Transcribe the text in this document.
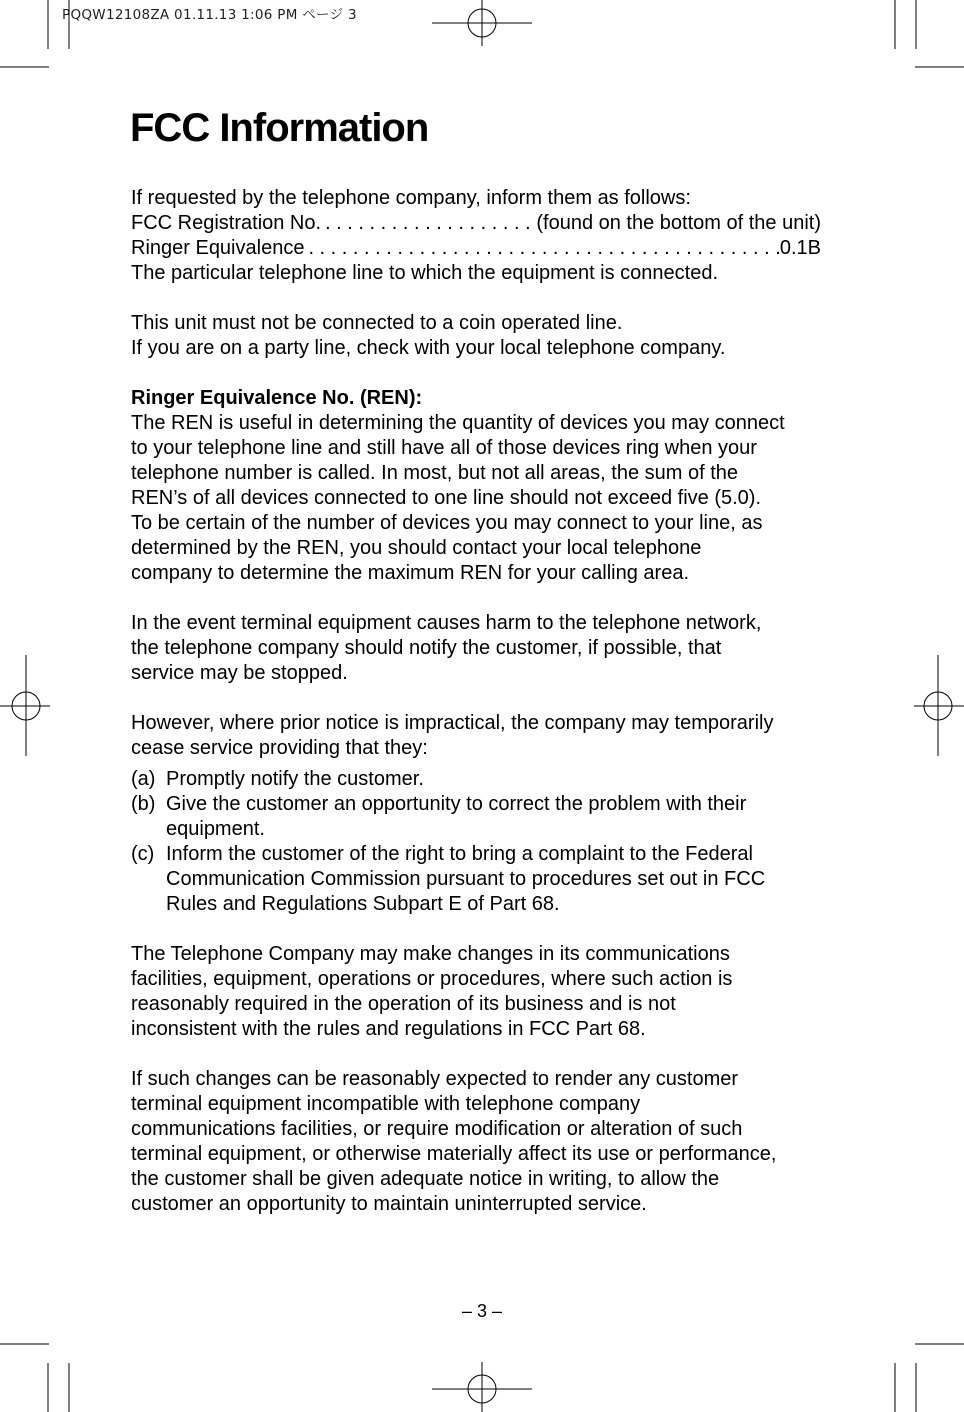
PQQW12108ZA 01.11.13 1:06 PM ページ 3
FCC Information

If requested by the telephone company, inform them as follows:

FCC Registration No. . . .	(found on the bottom of the unit)
Ringer Equivalence . . .	0.1B

The particular telephone line to which the equipment is connected.

This unit must not be connected to a coin operated line.

If you are on a party line, check with your local telephone company.

Ringer Equivalence No. (REN):

The REN is useful in determining the quantity of devices you may connect

to your telephone line and still have all of those devices ring when your

telephone number is called. In most, but not all areas, the sum of the

REN’s of all devices connected to one line should not exceed five (5.0).

To be certain of the number of devices you may connect to your line, as

determined by the REN, you should contact your local telephone

company to determine the maximum REN for your calling area.

In the event terminal equipment causes harm to the telephone network,

the telephone company should notify the customer, if possible, that

service may be stopped.

However, where prior notice is impractical, the company may temporarily

cease service providing that they:

(a) Promptly notify the customer.
(b) Give the customer an opportunity to correct the problem with their
equipment.
(c) Inform the customer of the right to bring a complaint to the Federal
Communication Commission pursuant to procedures set out in FCC
Rules and Regulations Subpart E of Part 68.

The Telephone Company may make changes in its communications

facilities, equipment, operations or procedures, where such action is

reasonably required in the operation of its business and is not

inconsistent with the rules and regulations in FCC Part 68.

If such changes can be reasonably expected to render any customer

terminal equipment incompatible with telephone company

communications facilities, or require modification or alteration of such

terminal equipment, or otherwise materially affect its use or performance,

the customer shall be given adequate notice in writing, to allow the

customer an opportunity to maintain uninterrupted service.

– 3 –
